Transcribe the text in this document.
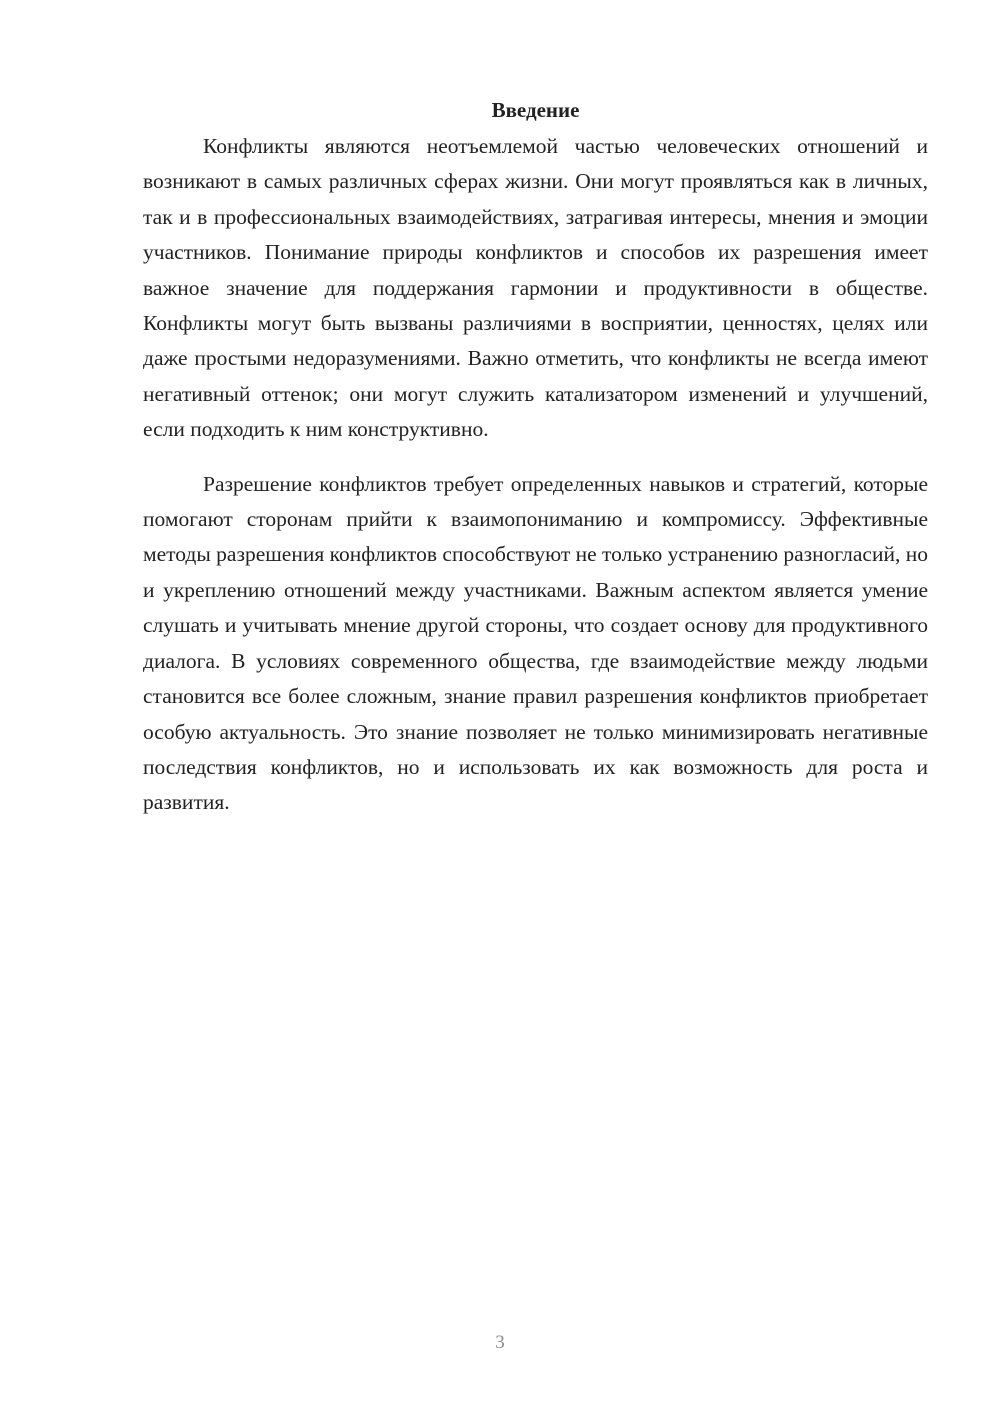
Введение

Конфликты являются неотъемлемой частью человеческих отношений и возникают в самых различных сферах жизни. Они могут проявляться как в личных, так и в профессиональных взаимодействиях, затрагивая интересы, мнения и эмоции участников. Понимание природы конфликтов и способов их разрешения имеет важное значение для поддержания гармонии и продуктивности в обществе. Конфликты могут быть вызваны различиями в восприятии, ценностях, целях или даже простыми недоразумениями. Важно отметить, что конфликты не всегда имеют негативный оттенок; они могут служить катализатором изменений и улучшений, если подходить к ним конструктивно.

Разрешение конфликтов требует определенных навыков и стратегий, которые помогают сторонам прийти к взаимопониманию и компромиссу. Эффективные методы разрешения конфликтов способствуют не только устранению разногласий, но и укреплению отношений между участниками. Важным аспектом является умение слушать и учитывать мнение другой стороны, что создает основу для продуктивного диалога. В условиях современного общества, где взаимодействие между людьми становится все более сложным, знание правил разрешения конфликтов приобретает особую актуальность. Это знание позволяет не только минимизировать негативные последствия конфликтов, но и использовать их как возможность для роста и развития.

3
